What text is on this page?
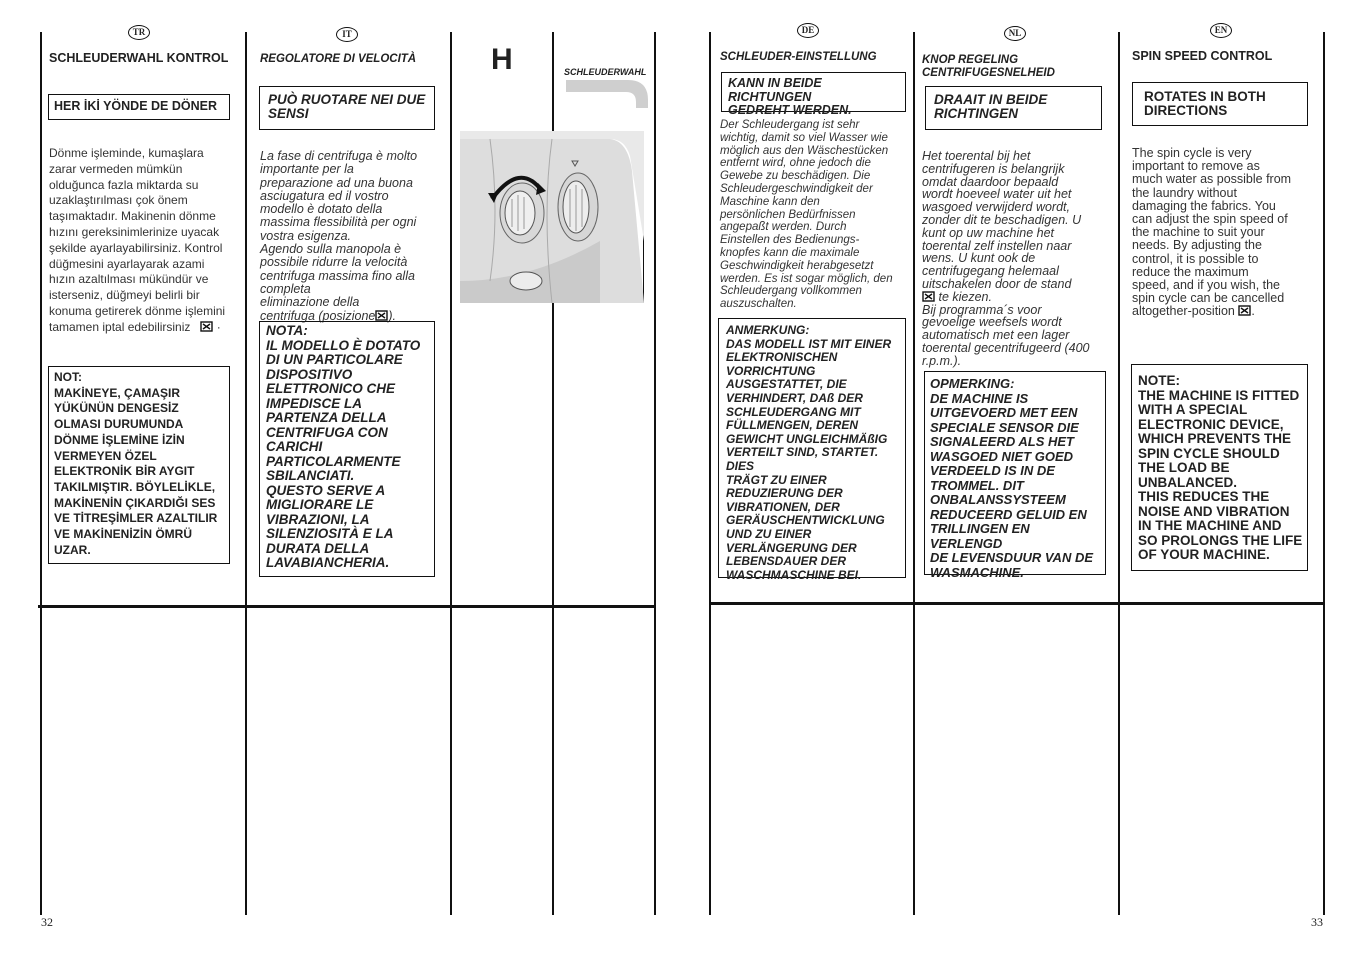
TR
SCHLEUDERWAHL KONTROL
HER İKİ YÖNDE DE DÖNER
Dönme işleminde, kumaşlara
zarar vermeden mümkün
olduğunca fazla miktarda su
uzaklaştırılması çok önem
taşımaktadır. Makinenin dönme
hızını gereksinimlerinize uyacak
şekilde ayarlayabilirsiniz. Kontrol
düğmesini ayarlayarak azami
hızın azaltılması mükündür ve
isterseniz, düğmeyi belirli bir
konuma getirerek dönme işlemini
tamamen iptal edebilirsiniz ·
NOT:
MAKİNEYE, ÇAMAŞIR
YÜKÜNÜN DENGESİZ
OLMASI DURUMUNDA
DÖNME İŞLEMİNE İZİN
VERMEYEN ÖZEL
ELEKTRONİK BİR AYGIT
TAKILMIŞTIR. BÖYLELİKLE,
MAKİNENİN ÇIKARDIĞI SES
VE TİTREŞİMLER AZALTILIR
VE MAKİNENİZİN ÖMRÜ
UZAR.
32
IT
REGOLATORE DI VELOCITÀ
PUÒ RUOTARE NEI DUE
SENSI
La fase di centrifuga è molto
importante per la
preparazione ad una buona
asciugatura ed il vostro
modello è dotato della
massima flessibilità per ogni
vostra esigenza.
Agendo sulla manopola è
possibile ridurre la velocità
centrifuga massima fino alla completa
eliminazione della
centrifuga (posizione ).
NOTA:
IL MODELLO È DOTATO
DI UN PARTICOLARE
DISPOSITIVO
ELETTRONICO CHE
IMPEDISCE LA
PARTENZA DELLA
CENTRIFUGA CON
CARICHI
PARTICOLARMENTE
SBILANCIATI.
QUESTO SERVE A
MIGLIORARE LE
VIBRAZIONI, LA
SILENZIOSITÀ E LA
DURATA DELLA
LAVABIANCHERIA.
H	SCHLEUDERWAHL
DE
SCHLEUDER-EINSTELLUNG
KANN IN BEIDE RICHTUNGEN
GEDREHT WERDEN.
Der Schleudergang ist sehr
wichtig, damit so viel Wasser wie
möglich aus den Wäschestücken
entfernt wird, ohne jedoch die
Gewebe zu beschädigen. Die
Schleudergeschwindigkeit der
Maschine kann den
persönlichen Bedürfnissen
angepaßt werden. Durch
Einstellen des Bedienungs-
knopfes kann die maximale
Geschwindigkeit herabgesetzt
werden. Es ist sogar möglich, den
Schleudergang vollkommen
auszuschalten.
ANMERKUNG:
DAS MODELL IST MIT EINER
ELEKTRONISCHEN
VORRICHTUNG
AUSGESTATTET, DIE
VERHINDERT, DAß DER
SCHLEUDERGANG MIT
FÜLLMENGEN, DEREN
GEWICHT UNGLEICHMÄßIG
VERTEILT SIND, STARTET. DIES
TRÄGT ZU EINER
REDUZIERUNG DER
VIBRATIONEN, DER
GERÄUSCHENTWICKLUNG
UND ZU EINER
VERLÄNGERUNG DER
LEBENSDAUER DER
WASCHMASCHINE BEI.
NL
KNOP REGELING
CENTRIFUGESNELHEID
DRAAIT IN BEIDE
RICHTINGEN
Het toerental bij het
centrifugeren is belangrijk
omdat daardoor bepaald
wordt hoeveel water uit het
wasgoed verwijderd wordt,
zonder dit te beschadigen. U
kunt op uw machine het
toerental zelf instellen naar
wens. U kunt ook de
centrifugegang helemaal
uitschakelen door de stand
te kiezen.
Bij programma´s voor
gevoelige weefsels wordt
automatisch met een lager
toerental gecentrifugeerd (400
r.p.m.).
OPMERKING:
DE MACHINE IS
UITGEVOERD MET EEN
SPECIALE SENSOR DIE
SIGNALEERD ALS HET
WASGOED NIET GOED
VERDEELD IS IN DE
TROMMEL. DIT
ONBALANSSYSTEEM
REDUCEERD GELUID EN
TRILLINGEN EN VERLENGD
DE LEVENSDUUR VAN DE
WASMACHINE.
EN
SPIN SPEED CONTROL
ROTATES IN BOTH
DIRECTIONS
The spin cycle is very
important to remove as
much water as possible from
the laundry without
damaging the fabrics. You
can adjust the spin speed of
the machine to suit your
needs. By adjusting the
control, it is possible to
reduce the maximum
speed, and if you wish, the
spin cycle can be cancelled
altogether-position .
NOTE:
THE MACHINE IS FITTED
WITH A SPECIAL
ELECTRONIC DEVICE,
WHICH PREVENTS THE
SPIN CYCLE SHOULD
THE LOAD BE
UNBALANCED.
THIS REDUCES THE
NOISE AND VIBRATION
IN THE MACHINE AND
SO PROLONGS THE LIFE
OF YOUR MACHINE.
33
